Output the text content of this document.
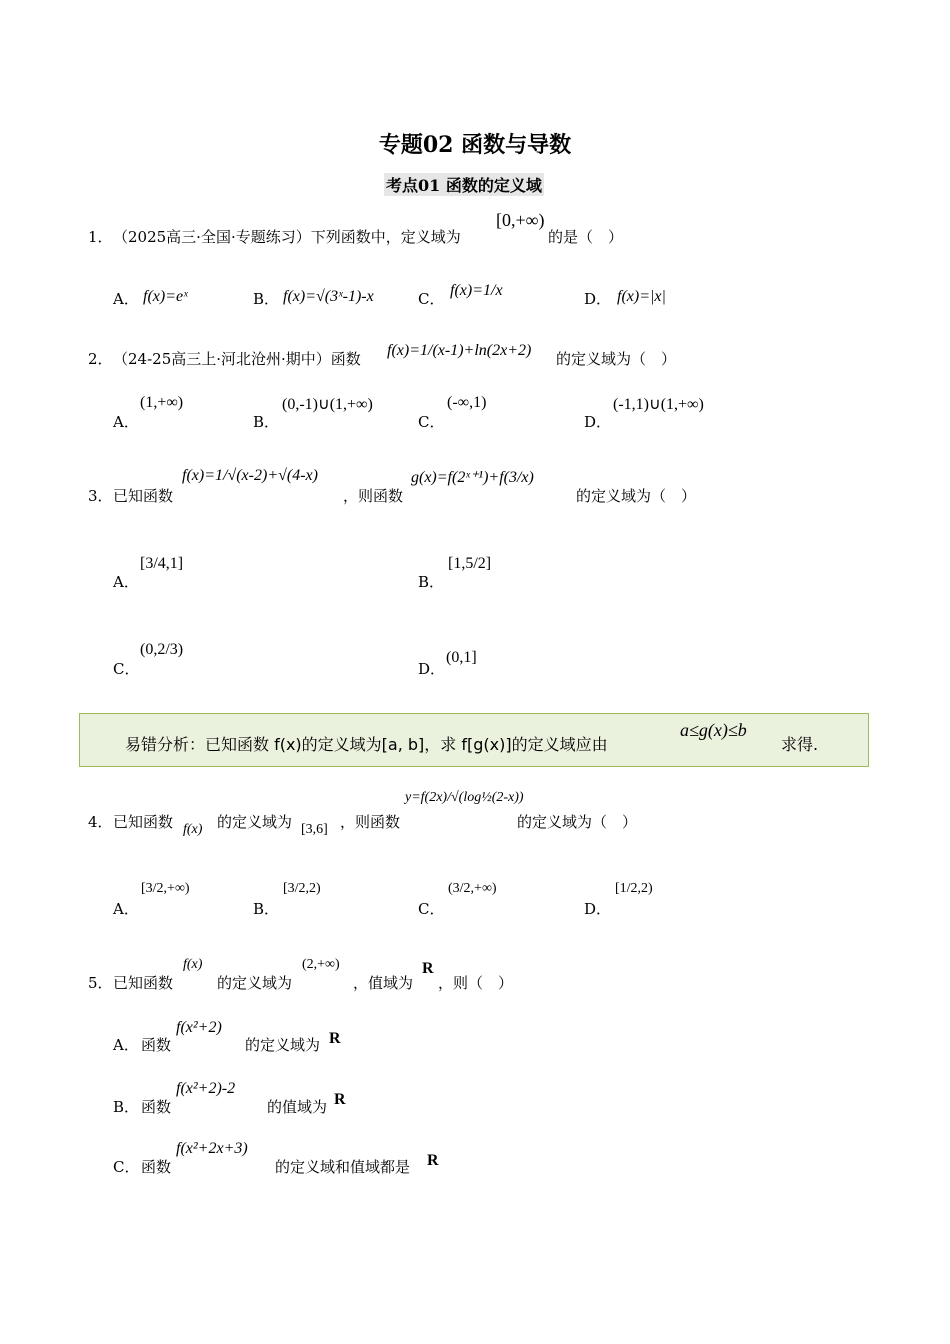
专题02 函数与导数
考点01 函数的定义域
1． （2025高三·全国·专题练习）下列函数中，定义域为
[0,+∞)
的是（　）
A． f(x)=eˣ	B． f(x)=√(3ˣ-1)-x	C． f(x)=1/x	D． f(x)=|x|
2． （24-25高三上·河北沧州·期中）函数 f(x)=1/(x-1)+ln(2x+2) 的定义域为（　）
A．
(1,+∞)
B．
(0,-1)∪(1,+∞)
C．
(-∞,1)
D．
(-1,1)∪(1,+∞)
3． 已知函数
f(x)=1/√(x-2)+√(4-x)
，则函数
g(x)=f(2ˣ⁺¹)+f(3/x)
的定义域为（　）
A．
[3/4,1]
B．
[1,5/2]
C．
(0,2/3)
D．
(0,1]
易错分析：已知函数 f(x)的定义域为[a, b]，求 f[g(x)]的定义域应由
a≤g(x)≤b
求得.
4． 已知函数 f(x) 的定义域为 [3,6] ，则函数
y=f(2x)/√(log½(2-x))
的定义域为（　）
A．
[3/2,+∞)
B．
[3/2,2)
C．
(3/2,+∞)
D．
[1/2,2)
5． 已知函数
f(x)
的定义域为
(2,+∞)
，值域为
R
，则（　）
A． 函数
f(x²+2)
的定义域为 R
B． 函数
f(x²+2)-2
的值域为 R
C． 函数
f(x²+2x+3)
的定义域和值域都是 R
